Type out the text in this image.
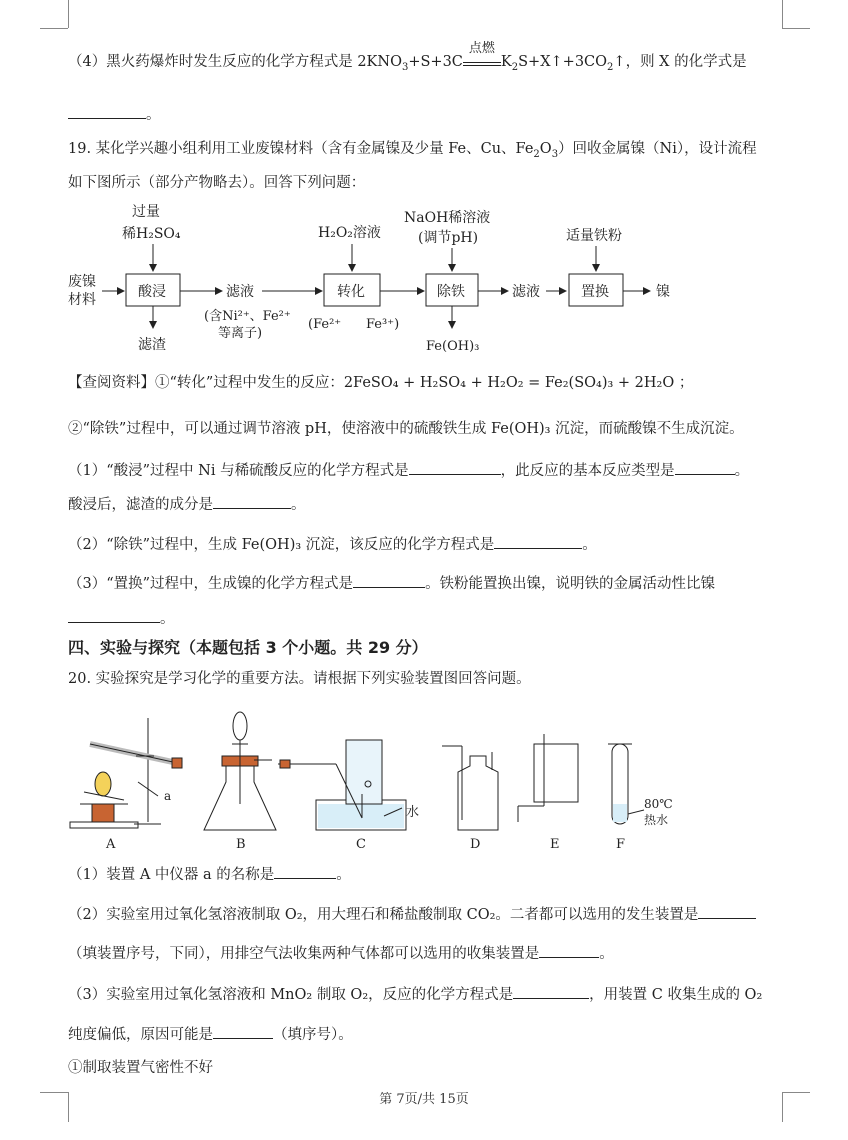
（4）黑火药爆炸时发生反应的化学方程式是 $2KNO_3+S+3C$
点燃
$K_2S+X↑+3CO_2↑$，则 X 的化学式是
。
19. 某化学兴趣小组利用工业废镍材料（含有金属镍及少量 Fe、Cu、$Fe_2O_3$）回收金属镍（Ni），设计流程
如下图所示（部分产物略去）。回答下列问题：
废镍
材料	酸浸
过量
稀H₂SO₄
滤渣
滤液
(含Ni²⁺、Fe²⁺
等离子)
转化
H₂O₂溶液
(Fe²⁺ Fe³⁺)
除铁
NaOH稀溶液
(调节pH)
Fe(OH)₃
滤液	置换
适量铁粉
镍
【查阅资料】①“转化”过程中发生的反应：2FeSO₄ + H₂SO₄ + H₂O₂ = Fe₂(SO₄)₃ + 2H₂O ；
②“除铁”过程中，可以通过调节溶液 pH，使溶液中的硫酸铁生成 Fe(OH)₃ 沉淀，而硫酸镍不生成沉淀。
（1）“酸浸”过程中 Ni 与稀硫酸反应的化学方程式是	，此反应的基本反应类型是	。
酸浸后，滤渣的成分是	。
（2）“除铁”过程中，生成 Fe(OH)₃ 沉淀，该反应的化学方程式是	。
（3）“置换”过程中，生成镍的化学方程式是	。铁粉能置换出镍，说明铁的金属活动性比镍
。
四、实验与探究（本题包括 3 个小题。共 29 分）
20. 实验探究是学习化学的重要方法。请根据下列实验装置图回答问题。
a
A	B
水
C	D	E
80℃
热水
F
（1）装置 A 中仪器 a 的名称是	。
（2）实验室用过氧化氢溶液制取 O₂，用大理石和稀盐酸制取 CO₂。二者都可以选用的发生装置是
（填装置序号，下同），用排空气法收集两种气体都可以选用的收集装置是	。
（3）实验室用过氧化氢溶液和 MnO₂ 制取 O₂，反应的化学方程式是	，用装置 C 收集生成的 O₂
纯度偏低，原因可能是	（填序号）。
①制取装置气密性不好
第 7页/共 15页
